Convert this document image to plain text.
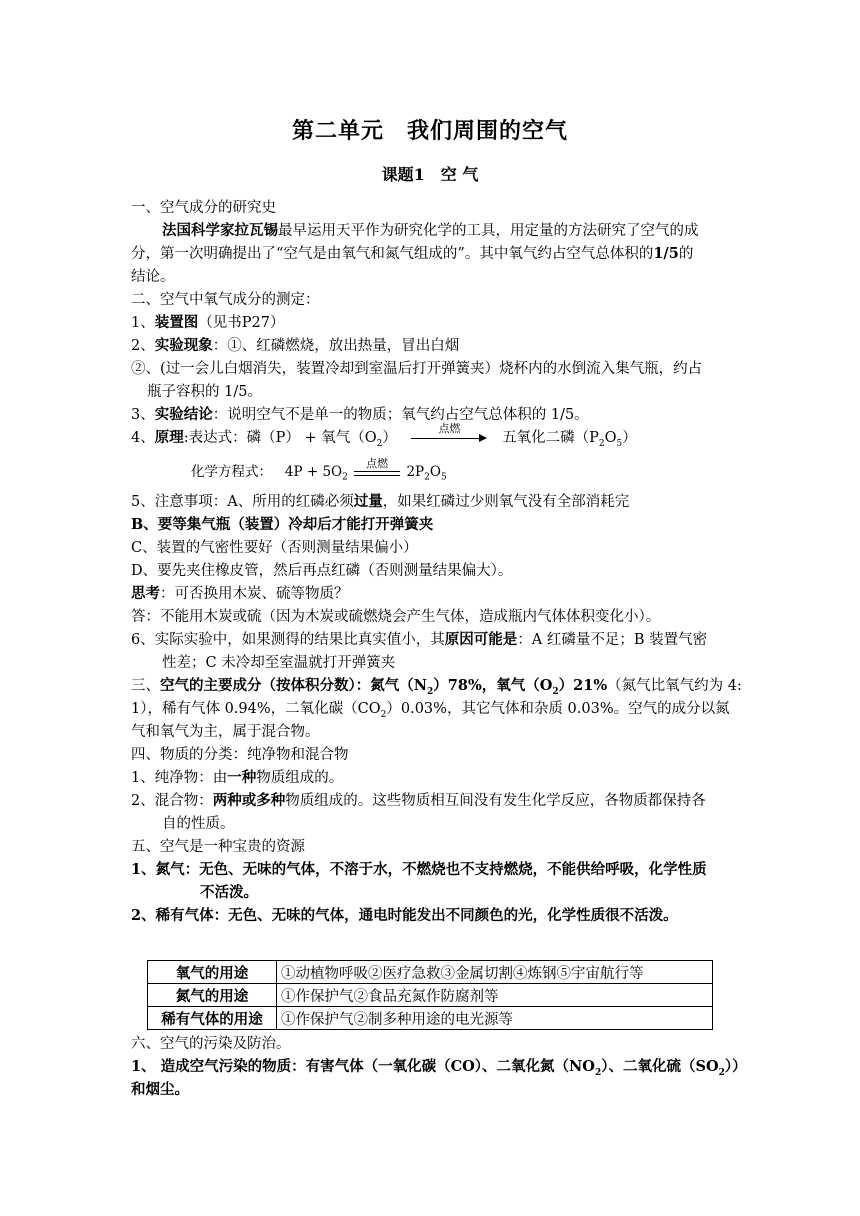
第二单元　我们周围的空气
课题1　空 气
一、空气成分的研究史
法国科学家拉瓦锡最早运用天平作为研究化学的工具，用定量的方法研究了空气的成
分，第一次明确提出了“空气是由氧气和氮气组成的”。其中氧气约占空气总体积的1/5的
结论。
二、空气中氧气成分的测定：
1、装置图（见书P27）
2、实验现象：①、红磷燃烧，放出热量，冒出白烟
②、(过一会儿白烟消失，装置冷却到室温后打开弹簧夹）烧杯内的水倒流入集气瓶，约占
瓶子容积的 1/5。
3、实验结论：说明空气不是单一的物质；氧气约占空气总体积的 1/5。
4、原理:表达式：磷（P） + 氧气$(O_2)$
点燃
五氧化二磷$(P_2O_5)$
化学方程式： $4P + 5O_2$
点燃
$2P_2O_5$
5、注意事项：A、所用的红磷必须过量，如果红磷过少则氧气没有全部消耗完
B、要等集气瓶（装置）冷却后才能打开弹簧夹
C、装置的气密性要好（否则测量结果偏小）
D、要先夹住橡皮管，然后再点红磷（否则测量结果偏大）。
思考：可否换用木炭、硫等物质？
答：不能用木炭或硫（因为木炭或硫燃烧会产生气体，造成瓶内气体体积变化小）。
6、实际实验中，如果测得的结果比真实值小，其原因可能是：A 红磷量不足；B 装置气密
性差；C 未冷却至室温就打开弹簧夹
三、空气的主要成分（按体积分数）：氮气$(N_2)78\%$，氧气$(O_2)21\%$（氮气比氧气约为 4:
1），稀有气体 0.94%，二氧化碳$(CO_2)0.03\%$，其它气体和杂质 0.03%。空气的成分以氮
气和氧气为主，属于混合物。
四、物质的分类：纯净物和混合物
1、纯净物：由一种物质组成的。
2、混合物：两种或多种物质组成的。这些物质相互间没有发生化学反应，各物质都保持各
自的性质。
五、空气是一种宝贵的资源
1、氮气：无色、无味的气体，不溶于水，不燃烧也不支持燃烧，不能供给呼吸，化学性质
不活泼。
2、稀有气体：无色、无味的气体，通电时能发出不同颜色的光，化学性质很不活泼。
氧气的用途	①动植物呼吸②医疗急救③金属切割④炼钢⑤宇宙航行等
氮气的用途	①作保护气②食品充氮作防腐剂等
稀有气体的用途	①作保护气②制多种用途的电光源等
六、空气的污染及防治。
1、 造成空气污染的物质：有害气体（一氧化碳（CO）、二氧化氮$(NO_2)$、二氧化硫$(SO_2)$）
和烟尘。
